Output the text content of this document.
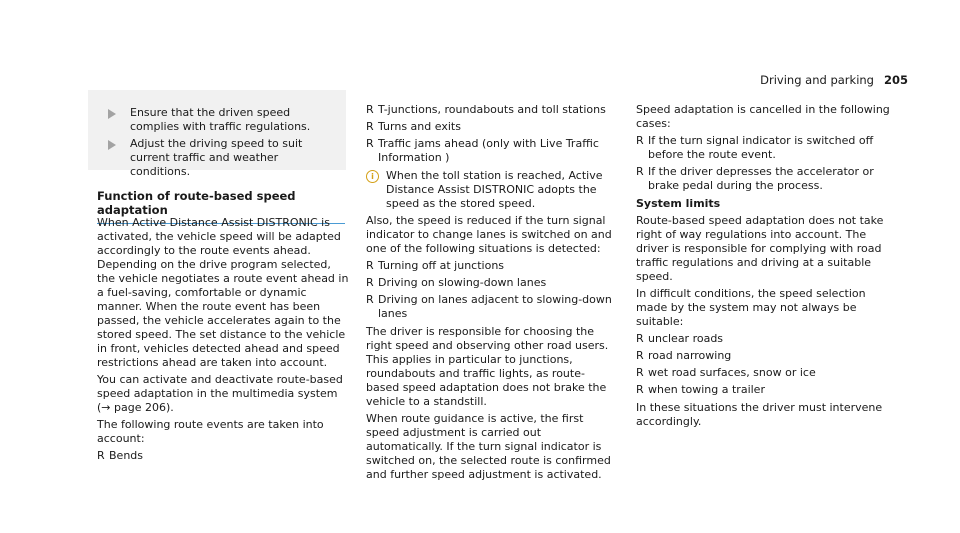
Driving and parking 205
Ensure that the driven speed complies with traffic regulations.
Adjust the driving speed to suit current traffic and weather conditions.
Function of route-based speed adaptation

When Active Distance Assist DISTRONIC is activated, the vehicle speed will be adapted accordingly to the route events ahead. Depending on the drive program selected, the vehicle negotiates a route event ahead in a fuel-saving, comfortable or dynamic manner. When the route event has been passed, the vehicle accelerates again to the stored speed. The set distance to the vehicle in front, vehicles detected ahead and speed restrictions ahead are taken into account.

You can activate and deactivate route-based speed adaptation in the multimedia system (→ page 206).

The following route events are taken into account:

R Bends
R T-junctions, roundabouts and toll stations
R Turns and exits
R Traffic jams ahead (only with Live Traffic Information )
i	When the toll station is reached, Active Distance Assist DISTRONIC adopts the speed as the stored speed.

Also, the speed is reduced if the turn signal indicator to change lanes is switched on and one of the following situations is detected:

R Turning off at junctions
R Driving on slowing-down lanes
R Driving on lanes adjacent to slowing-down lanes

The driver is responsible for choosing the right speed and observing other road users. This applies in particular to junctions, roundabouts and traffic lights, as route-based speed adaptation does not brake the vehicle to a standstill.

When route guidance is active, the first speed adjustment is carried out automatically. If the turn signal indicator is switched on, the selected route is confirmed and further speed adjustment is activated.

Speed adaptation is cancelled in the following cases:

R If the turn signal indicator is switched off before the route event.
R If the driver depresses the accelerator or brake pedal during the process.

System limits

Route-based speed adaptation does not take right of way regulations into account. The driver is responsible for complying with road traffic regulations and driving at a suitable speed.

In difficult conditions, the speed selection made by the system may not always be suitable:

R unclear roads
R road narrowing
R wet road surfaces, snow or ice
R when towing a trailer

In these situations the driver must intervene accordingly.
